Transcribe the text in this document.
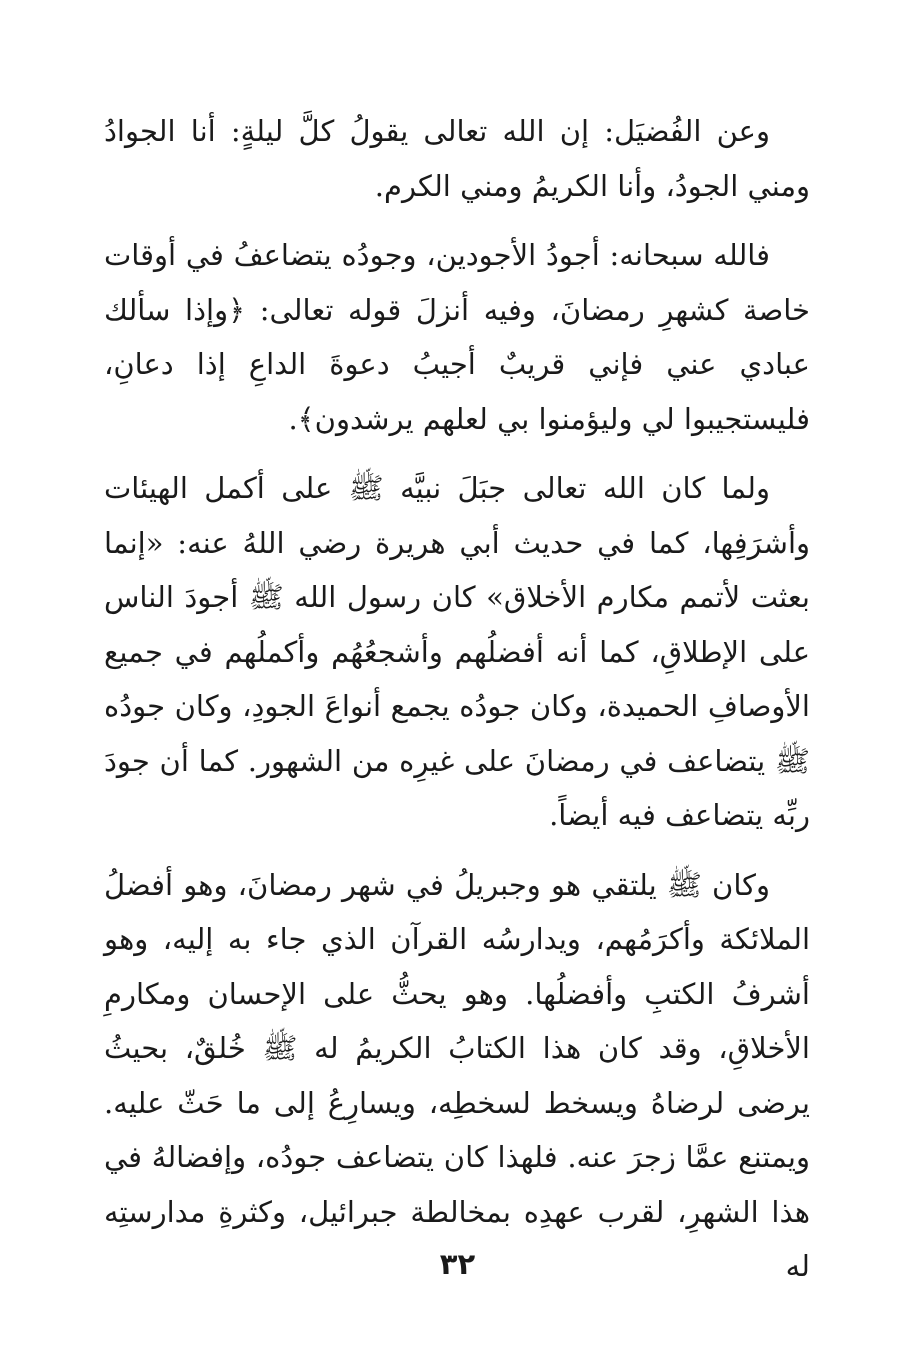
وعن الفُضيَل: إن الله تعالى يقولُ كلَّ ليلةٍ: أنا الجوادُ ومني الجودُ، وأنا الكريمُ ومني الكرم.

فالله سبحانه: أجودُ الأجودين، وجودُه يتضاعفُ في أوقات خاصة كشهرِ رمضانَ، وفيه أنزلَ قوله تعالى: ﴿وإذا سألك عبادي عني فإني قريبٌ أجيبُ دعوةَ الداعِ إذا دعانِ، فليستجيبوا لي وليؤمنوا بي لعلهم يرشدون﴾.

ولما كان الله تعالى جبَلَ نبيَّه ﷺ على أكمل الهيئات وأشرَفِها، كما في حديث أبي هريرة رضي اللهُ عنه: «إنما بعثت لأتمم مكارم الأخلاق» كان رسول الله ﷺ أجودَ الناس على الإطلاقِ، كما أنه أفضلُهم وأشجعُهُم وأكملُهم في جميع الأوصافِ الحميدة، وكان جودُه يجمع أنواعَ الجودِ، وكان جودُه ﷺ يتضاعف في رمضانَ على غيرِه من الشهور. كما أن جودَ ربِّه يتضاعف فيه أيضاً.

وكان ﷺ يلتقي هو وجبريلُ في شهر رمضانَ، وهو أفضلُ الملائكة وأكرَمُهم، ويدارسُه القرآن الذي جاء به إليه، وهو أشرفُ الكتبِ وأفضلُها. وهو يحثُّ على الإحسان ومكارمِ الأخلاقِ، وقد كان هذا الكتابُ الكريمُ له ﷺ خُلقٌ، بحيثُ يرضى لرضاهُ ويسخط لسخطِه، ويسارِعُ إلى ما حَثّ عليه. ويمتنع عمَّا زجرَ عنه. فلهذا كان يتضاعف جودُه، وإفضالهُ في هذا الشهرِ، لقرب عهدِه بمخالطة جبرائيل، وكثرةِ مدارستِه له

٣٢
